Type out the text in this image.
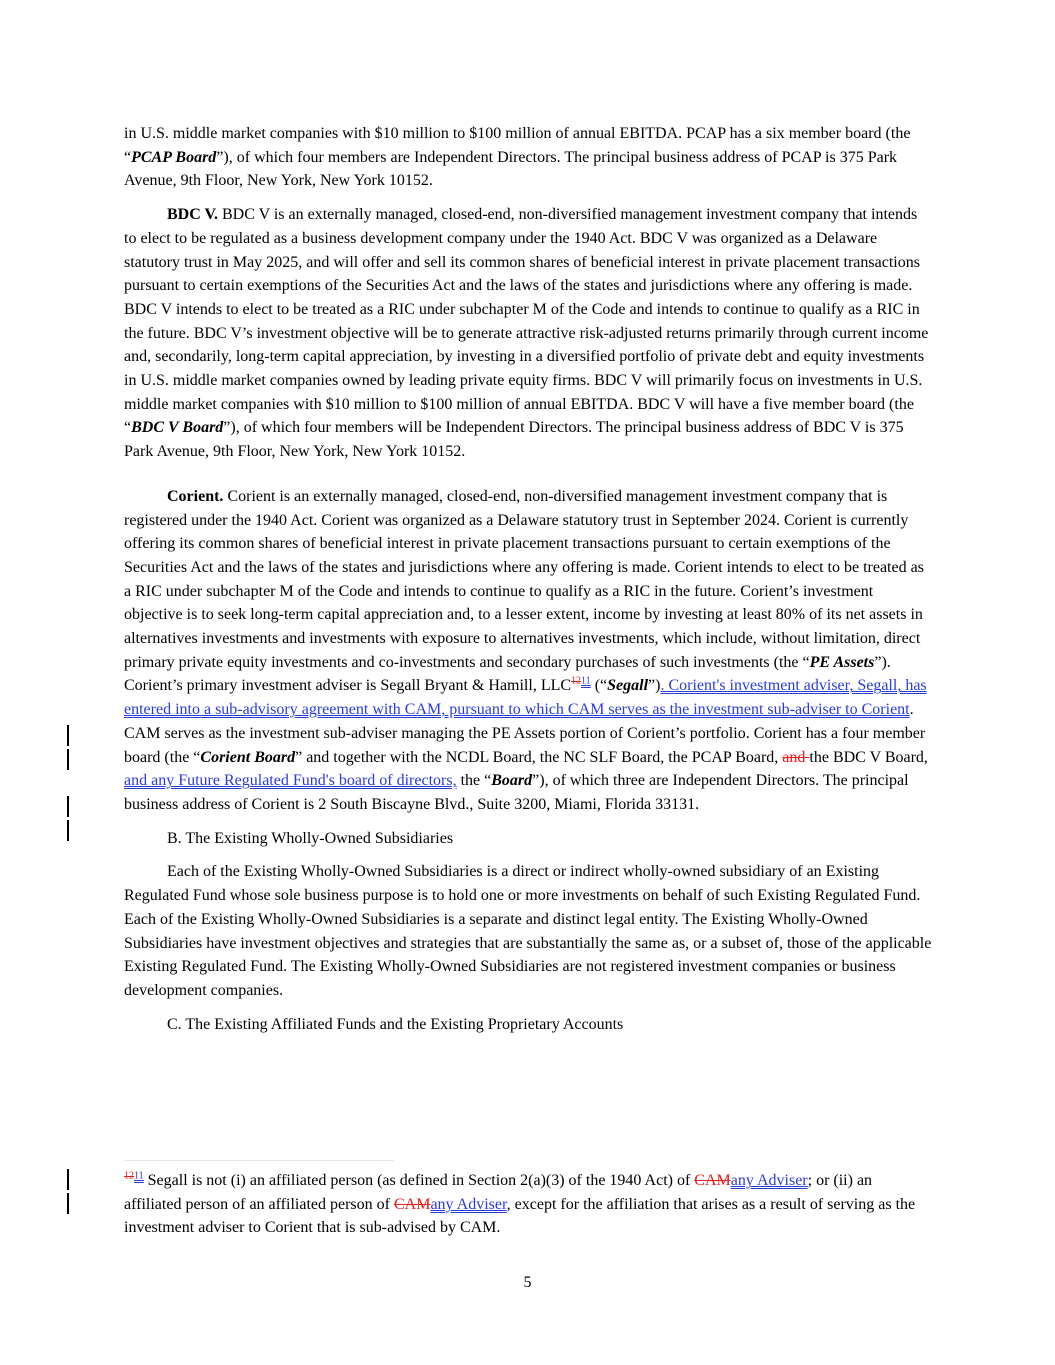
in U.S. middle market companies with $10 million to $100 million of annual EBITDA. PCAP has a six member board (the “PCAP Board”), of which four members are Independent Directors. The principal business address of PCAP is 375 Park Avenue, 9th Floor, New York, New York 10152.

BDC V. BDC V is an externally managed, closed-end, non-diversified management investment company that intends to elect to be regulated as a business development company under the 1940 Act. BDC V was organized as a Delaware statutory trust in May 2025, and will offer and sell its common shares of beneficial interest in private placement transactions pursuant to certain exemptions of the Securities Act and the laws of the states and jurisdictions where any offering is made. BDC V intends to elect to be treated as a RIC under subchapter M of the Code and intends to continue to qualify as a RIC in the future. BDC V’s investment objective will be to generate attractive risk-adjusted returns primarily through current income and, secondarily, long-term capital appreciation, by investing in a diversified portfolio of private debt and equity investments in U.S. middle market companies owned by leading private equity firms. BDC V will primarily focus on investments in U.S. middle market companies with $10 million to $100 million of annual EBITDA. BDC V will have a five member board (the “BDC V Board”), of which four members will be Independent Directors. The principal business address of BDC V is 375 Park Avenue, 9th Floor, New York, New York 10152.

Corient. Corient is an externally managed, closed-end, non-diversified management investment company that is registered under the 1940 Act. Corient was organized as a Delaware statutory trust in September 2024. Corient is currently offering its common shares of beneficial interest in private placement transactions pursuant to certain exemptions of the Securities Act and the laws of the states and jurisdictions where any offering is made. Corient intends to elect to be treated as a RIC under subchapter M of the Code and intends to continue to qualify as a RIC in the future. Corient’s investment objective is to seek long-term capital appreciation and, to a lesser extent, income by investing at least 80% of its net assets in alternatives investments and investments with exposure to alternatives investments, which include, without limitation, direct primary private equity investments and co-investments and secondary purchases of such investments (the “PE Assets”). Corient’s primary investment adviser is Segall Bryant & Hamill, LLC$^{1211}$ (“Segall”). Corient's investment adviser, Segall, has entered into a sub-advisory agreement with CAM, pursuant to which CAM serves as the investment sub-adviser to Corient. CAM serves as the investment sub-adviser managing the PE Assets portion of Corient’s portfolio. Corient has a four member board (the “Corient Board” and together with the NCDL Board, the NC SLF Board, the PCAP Board, and the BDC V Board, and any Future Regulated Fund's board of directors, the “Board”), of which three are Independent Directors. The principal business address of Corient is 2 South Biscayne Blvd., Suite 3200, Miami, Florida 33131.

B. The Existing Wholly-Owned Subsidiaries

Each of the Existing Wholly-Owned Subsidiaries is a direct or indirect wholly-owned subsidiary of an Existing Regulated Fund whose sole business purpose is to hold one or more investments on behalf of such Existing Regulated Fund. Each of the Existing Wholly-Owned Subsidiaries is a separate and distinct legal entity. The Existing Wholly-Owned Subsidiaries have investment objectives and strategies that are substantially the same as, or a subset of, those of the applicable Existing Regulated Fund. The Existing Wholly-Owned Subsidiaries are not registered investment companies or business development companies.

C. The Existing Affiliated Funds and the Existing Proprietary Accounts

$^{1211}$ Segall is not (i) an affiliated person (as defined in Section 2(a)(3) of the 1940 Act) of CAMany Adviser; or (ii) an affiliated person of an affiliated person of CAMany Adviser, except for the affiliation that arises as a result of serving as the investment adviser to Corient that is sub-advised by CAM.

5
